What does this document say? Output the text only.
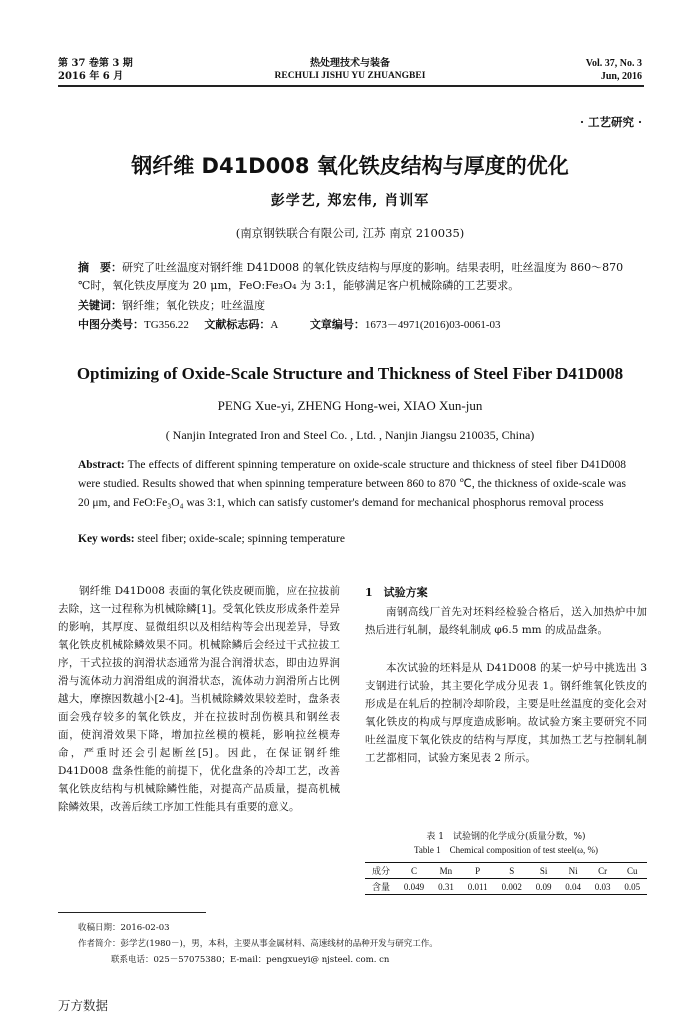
第 37 卷第 3 期
2016 年 6 月
热处理技术与装备
RECHULI JISHU YU ZHUANGBEI
Vol. 37, No. 3
Jun, 2016
· 工艺研究 ·
钢纤维 D41D008 氧化铁皮结构与厚度的优化
彭学艺, 郑宏伟, 肖训军
(南京钢铁联合有限公司, 江苏 南京 210035)
摘　要：研究了吐丝温度对钢纤维 D41D008 的氧化铁皮结构与厚度的影响。结果表明，吐丝温度为 860～870 ℃时，氧化铁皮厚度为 20 μm，FeO:Fe₃O₄ 为 3:1，能够满足客户机械除磷的工艺要求。
关键词：钢纤维；氧化铁皮；吐丝温度
中图分类号：TG356.22 文献标志码：A	文章编号：1673－4971(2016)03-0061-03
Optimizing of Oxide-Scale Structure and Thickness of Steel Fiber D41D008
PENG Xue-yi, ZHENG Hong-wei, XIAO Xun-jun
( Nanjin Integrated Iron and Steel Co. , Ltd. , Nanjin Jiangsu 210035, China)
Abstract: The effects of different spinning temperature on oxide-scale structure and thickness of steel fiber D41D008 were studied. Results showed that when spinning temperature between 860 to 870 ℃, the thickness of oxide-scale was 20 μm, and FeO:Fe₃O₄ was 3:1, which can satisfy customer's demand for mechanical phosphorus removal process
Key words: steel fiber; oxide-scale; spinning temperature
钢纤维 D41D008 表面的氧化铁皮硬而脆，应在拉拔前去除，这一过程称为机械除鳞[1]。受氧化铁皮形成条件差异的影响，其厚度、显微组织以及相结构等会出现差异，导致氧化铁皮机械除鳞效果不同。机械除鳞后会经过干式拉拔工序，干式拉拔的润滑状态通常为混合润滑状态，即由边界润滑与流体动力润滑组成的润滑状态，流体动力润滑所占比例越大，摩擦因数越小[2-4]。当机械除鳞效果较差时，盘条表面会残存较多的氧化铁皮，并在拉拔时刮伤模具和钢丝表面，使润滑效果下降，增加拉丝模的模耗，影响拉丝模寿命，严重时还会引起断丝[5]。因此，在保证钢纤维 D41D008 盘条性能的前提下，优化盘条的冷却工艺，改善氧化铁皮结构与机械除鳞性能，对提高产品质量，提高机械除鳞效果，改善后续工序加工性能具有重要的意义。
1　试验方案
南钢高线厂首先对坯料经检验合格后，送入加热炉中加热后进行轧制，最终轧制成 φ6.5 mm 的成品盘条。
本次试验的坯料是从 D41D008 的某一炉号中挑选出 3 支钢进行试验，其主要化学成分见表 1。钢纤维氧化铁皮的形成是在轧后的控制冷却阶段，主要是吐丝温度的变化会对氧化铁皮的构成与厚度造成影响。故试验方案主要研究不同吐丝温度下氧化铁皮的结构与厚度，其加热工艺与控制轧制工艺都相同，试验方案见表 2 所示。
表 1　试验钢的化学成分(质量分数，%)
Table 1　Chemical composition of test steel(ω, %)
成分	C	Mn	P	S	Si	Ni	Cr	Cu
含量	0.049	0.31	0.011	0.002	0.09	0.04	0.03	0.05
收稿日期：2016-02-03
作者简介：彭学艺(1980－)，男，本科，主要从事金属材料、高速线材的品种开发与研究工作。
联系电话：025－57075380；E-mail：pengxueyi@ njsteel. com. cn
万方数据
